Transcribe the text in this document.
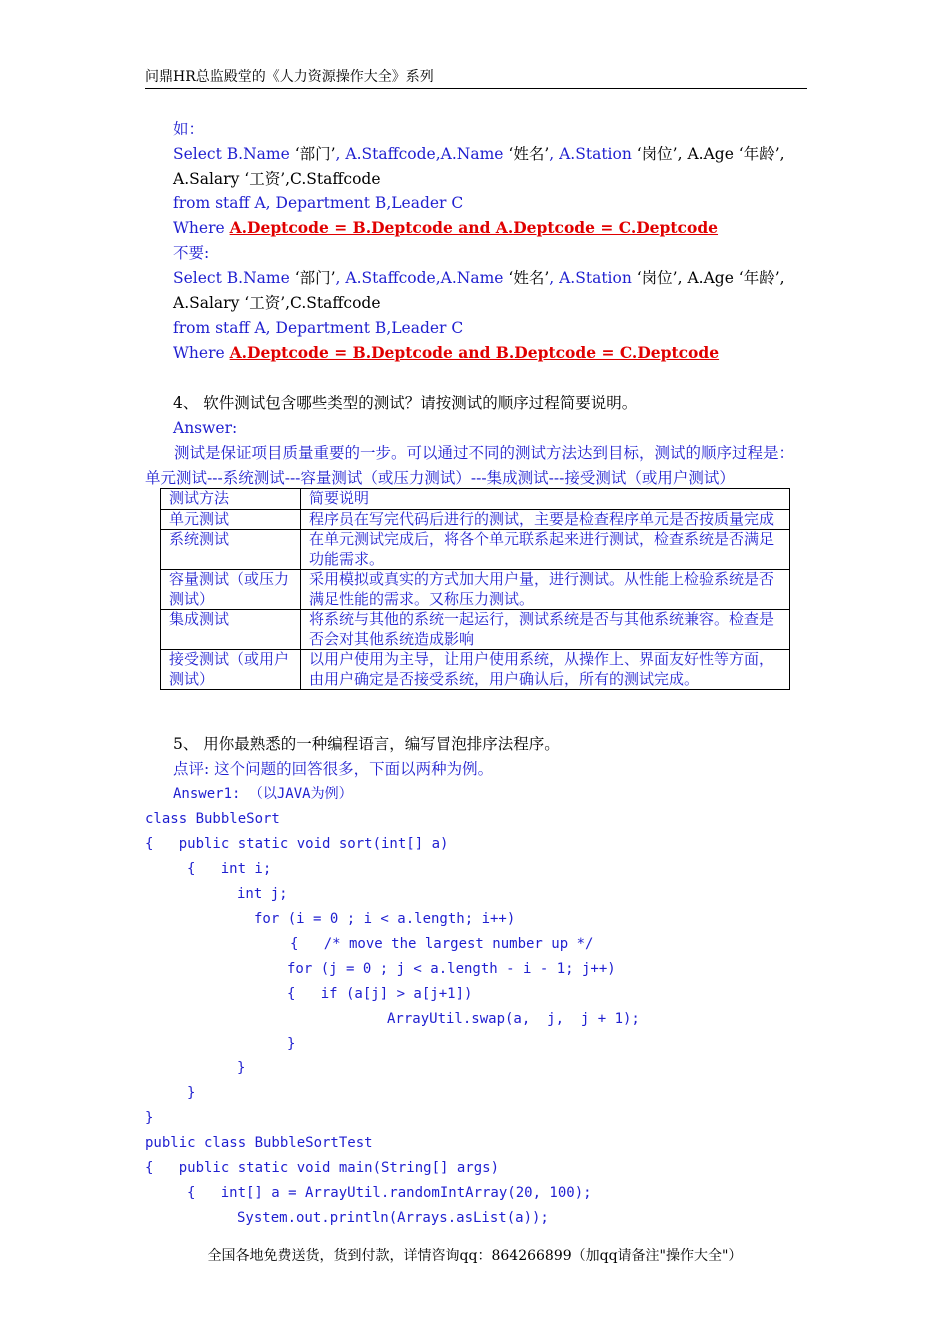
问鼎HR总监殿堂的《人力资源操作大全》系列
如：
Select B.Name ‘部门’, A.Staffcode,A.Name ‘姓名’, A.Station ‘岗位’, A.Age ‘年龄’,
A.Salary ‘工资’,C.Staffcode
from staff A, Department B,Leader C
Where A.Deptcode = B.Deptcode and A.Deptcode = C.Deptcode
不要:
Select B.Name ‘部门’, A.Staffcode,A.Name ‘姓名’, A.Station ‘岗位’, A.Age ‘年龄’,
A.Salary ‘工资’,C.Staffcode
from staff A, Department B,Leader C
Where A.Deptcode = B.Deptcode and B.Deptcode = C.Deptcode
4、 软件测试包含哪些类型的测试？请按测试的顺序过程简要说明。
Answer:
测试是保证项目质量重要的一步。可以通过不同的测试方法达到目标，测试的顺序过程是：单元测试---系统测试---容量测试（或压力测试）---集成测试---接受测试（或用户测试）
测试方法	简要说明
单元测试	程序员在写完代码后进行的测试，主要是检查程序单元是否按质量完成
系统测试	在单元测试完成后，将各个单元联系起来进行测试，检查系统是否满足功能需求。
容量测试（或压力测试）	采用模拟或真实的方式加大用户量，进行测试。从性能上检验系统是否满足性能的需求。又称压力测试。
集成测试	将系统与其他的系统一起运行，测试系统是否与其他系统兼容。检查是否会对其他系统造成影响
接受测试（或用户测试）	以用户使用为主导，让用户使用系统，从操作上、界面友好性等方面，由用户确定是否接受系统，用户确认后，所有的测试完成。
5、 用你最熟悉的一种编程语言，编写冒泡排序法程序。
点评: 这个问题的回答很多，下面以两种为例。
Answer1: （以JAVA为例）
class BubbleSort
{   public static void sort(int[] a)
{   int i;
int j;
for (i = 0 ; i < a.length; i++)
{   /* move the largest number up */
for (j = 0 ; j < a.length - i - 1; j++)
{   if (a[j] > a[j+1])
ArrayUtil.swap(a,  j,  j + 1);
}
}
}
}
public class BubbleSortTest
{   public static void main(String[] args)
{   int[] a = ArrayUtil.randomIntArray(20, 100);
System.out.println(Arrays.asList(a));
全国各地免费送货，货到付款，详情咨询qq：864266899（加qq请备注"操作大全"）
